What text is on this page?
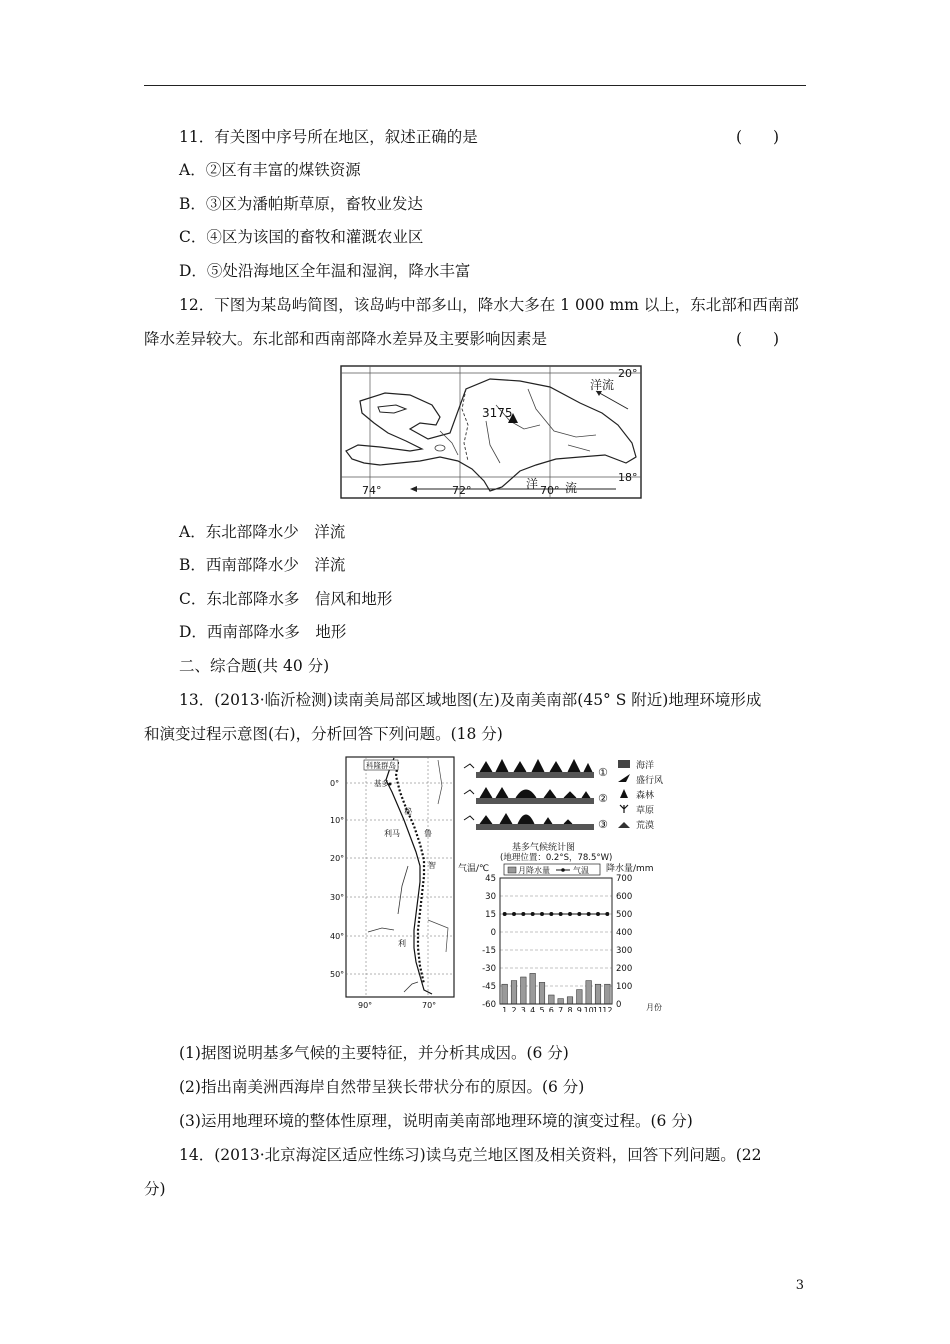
11．有关图中序号所在地区，叙述正确的是	(　　)
A．②区有丰富的煤铁资源
B．③区为潘帕斯草原，畜牧业发达
C．④区为该国的畜牧和灌溉农业区
D．⑤处沿海地区全年温和湿润，降水丰富
12．下图为某岛屿简图，该岛屿中部多山，降水大多在 1 000 mm 以上，东北部和西南部
降水差异较大。东北部和西南部降水差异及主要影响因素是	(　　)
3175
洋流
洋 流
20°
18°
74°	72°	70°
A．东北部降水少　洋流
B．西南部降水少　洋流
C．东北部降水多　信风和地形
D．西南部降水多　地形
二、综合题(共 40 分)
13．(2013·临沂检测)读南美局部区域地图(左)及南美南部(45° S 附近)地理环境形成
和演变过程示意图(右)，分析回答下列问题。(18 分)
科隆群岛
基多
秘
利马	鲁
智
利
0°
10°
20°
30°
40°
50°
90°	70°
①
②
③
海洋
盛行风
森林
草原
荒漠
基多气候统计图
(地理位置：0.2°S，78.5°W)
气温/℃	降水量/mm
月降水量	气温
45
30
15
0
-15
-30
-45
-60
700
600
500
400
300
200
100
0
1 2 3 4 5 6 7 8 9 10 11 12	月份
(1)据图说明基多气候的主要特征，并分析其成因。(6 分)
(2)指出南美洲西海岸自然带呈狭长带状分布的原因。(6 分)
(3)运用地理环境的整体性原理，说明南美南部地理环境的演变过程。(6 分)
14．(2013·北京海淀区适应性练习)读乌克兰地区图及相关资料，回答下列问题。(22
分)
3
